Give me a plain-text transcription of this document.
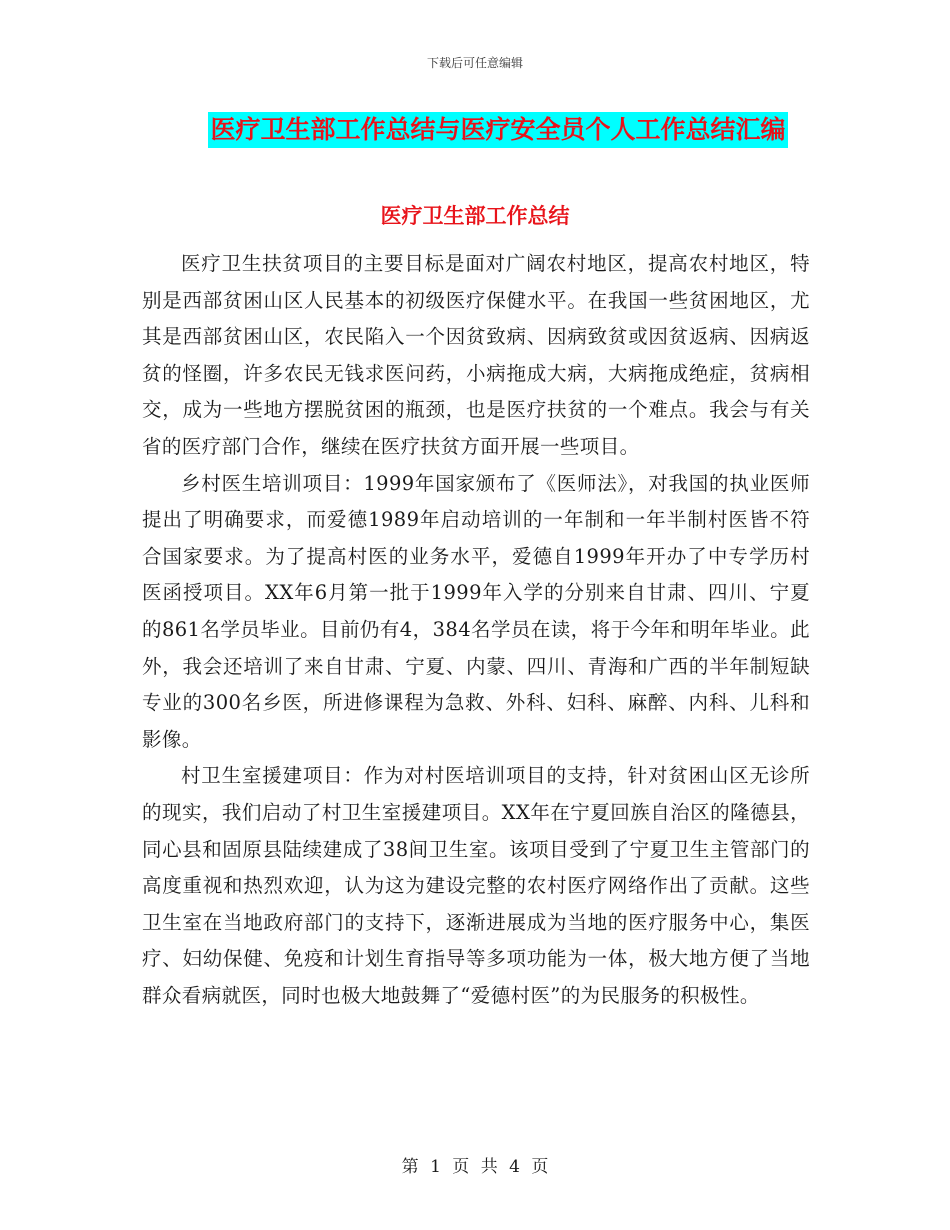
下载后可任意编辑
医疗卫生部工作总结与医疗安全员个人工作总结汇编
医疗卫生部工作总结

医疗卫生扶贫项目的主要目标是面对广阔农村地区，提高农村地区，特别是西部贫困山区人民基本的初级医疗保健水平。在我国一些贫困地区，尤其是西部贫困山区，农民陷入一个因贫致病、因病致贫或因贫返病、因病返贫的怪圈，许多农民无钱求医问药，小病拖成大病，大病拖成绝症，贫病相交，成为一些地方摆脱贫困的瓶颈，也是医疗扶贫的一个难点。我会与有关省的医疗部门合作，继续在医疗扶贫方面开展一些项目。

乡村医生培训项目：1999年国家颁布了《医师法》，对我国的执业医师提出了明确要求，而爱德1989年启动培训的一年制和一年半制村医皆不符合国家要求。为了提高村医的业务水平，爱德自1999年开办了中专学历村医函授项目。XX年6月第一批于1999年入学的分别来自甘肃、四川、宁夏的861名学员毕业。目前仍有4，384名学员在读，将于今年和明年毕业。此外，我会还培训了来自甘肃、宁夏、内蒙、四川、青海和广西的半年制短缺专业的300名乡医，所进修课程为急救、外科、妇科、麻醉、内科、儿科和影像。

村卫生室援建项目：作为对村医培训项目的支持，针对贫困山区无诊所的现实，我们启动了村卫生室援建项目。XX年在宁夏回族自治区的隆德县，同心县和固原县陆续建成了38间卫生室。该项目受到了宁夏卫生主管部门的高度重视和热烈欢迎，认为这为建设完整的农村医疗网络作出了贡献。这些卫生室在当地政府部门的支持下，逐渐进展成为当地的医疗服务中心，集医疗、妇幼保健、免疫和计划生育指导等多项功能为一体，极大地方便了当地群众看病就医，同时也极大地鼓舞了“爱德村医”的为民服务的积极性。

第 1 页 共 4 页
